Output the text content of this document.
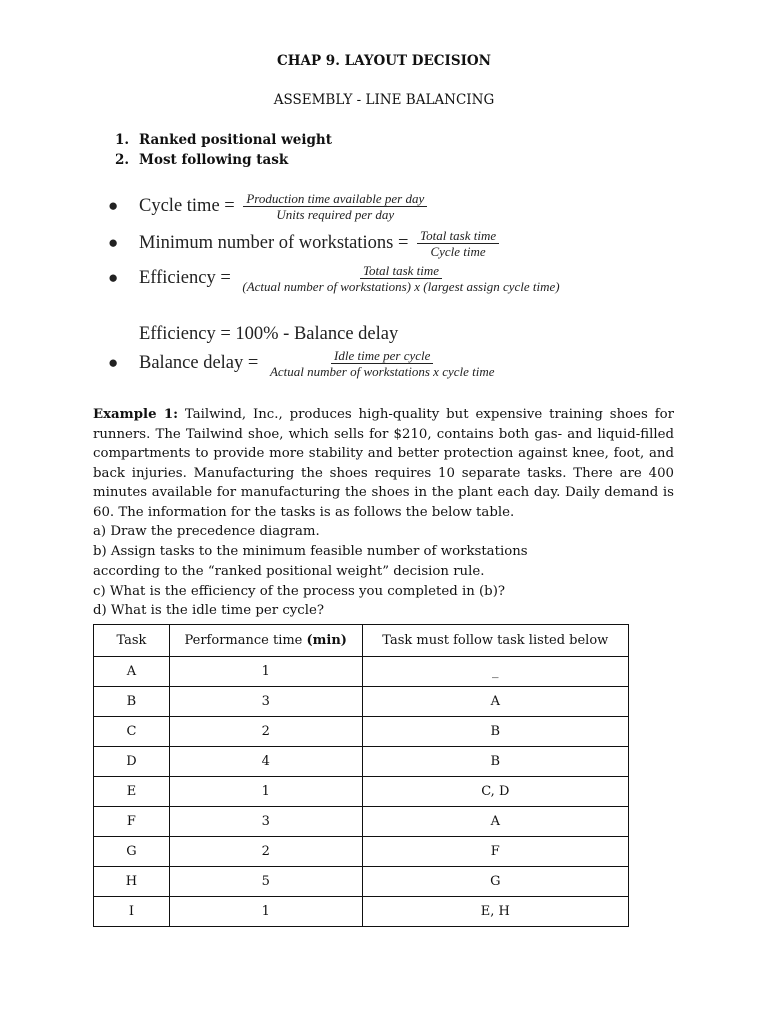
CHAP 9. LAYOUT DECISION
ASSEMBLY - LINE BALANCING
1. Ranked positional weight
2. Most following task
● Cycle time = $\frac{\text{Production time available per day}}{\text{Units required per day}}$
● Minimum number of workstations = $\frac{\text{Total task time}}{\text{Cycle time}}$
● Efficiency =	Total task time
(Actual number of workstations) x (largest assign cycle time)
Efficiency = 100% - Balance delay
● Balance delay = $\frac{\text{Idle time per cycle}}{\text{Actual number of workstations x cycle time}}$

Example 1: Tailwind, Inc., produces high-quality but expensive training shoes for runners. The Tailwind shoe, which sells for $210, contains both gas- and liquid-filled compartments to provide more stability and better protection against knee, foot, and back injuries. Manufacturing the shoes requires 10 separate tasks. There are 400 minutes available for manufacturing the shoes in the plant each day. Daily demand is 60. The information for the tasks is as follows the below table.

a) Draw the precedence diagram.
b) Assign tasks to the minimum feasible number of workstations
according to the “ranked positional weight” decision rule.
c) What is the efficiency of the process you completed in (b)?
d) What is the idle time per cycle?
Task	Performance time (min)	Task must follow task listed below
A	1	_
B	3	A
C	2	B
D	4	B
E	1	C, D
F	3	A
G	2	F
H	5	G
I	1	E, H
